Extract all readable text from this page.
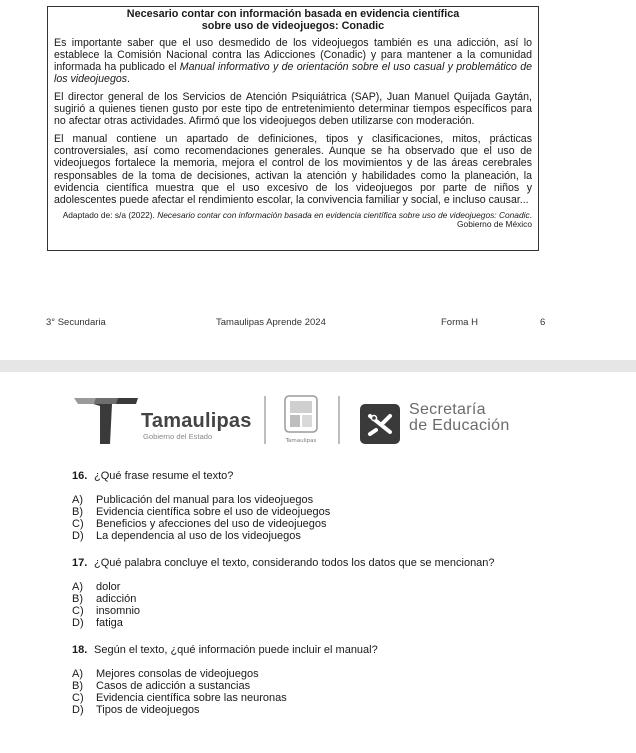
Necesario contar con información basada en evidencia científica
sobre uso de videojuegos: Conadic

Es importante saber que el uso desmedido de los videojuegos también es una adicción, así lo establece la Comisión Nacional contra las Adicciones (Conadic) y para mantener a la comunidad informada ha publicado el Manual informativo y de orientación sobre el uso casual y problemático de los videojuegos.

El director general de los Servicios de Atención Psiquiátrica (SAP), Juan Manuel Quijada Gaytán, sugirió a quienes tienen gusto por este tipo de entretenimiento determinar tiempos específicos para no afectar otras actividades. Afirmó que los videojuegos deben utilizarse con moderación.

El manual contiene un apartado de definiciones, tipos y clasificaciones, mitos, prácticas controversiales, así como recomendaciones generales. Aunque se ha observado que el uso de videojuegos fortalece la memoria, mejora el control de los movimientos y de las áreas cerebrales responsables de la toma de decisiones, activan la atención y habilidades como la planeación, la evidencia científica muestra que el uso excesivo de los videojuegos por parte de niños y adolescentes puede afectar el rendimiento escolar, la convivencia familiar y social, e incluso causar...

Adaptado de: s/a (2022). Necesario contar con información basada en evidencia científica sobre uso de videojuegos: Conadic. Gobierno de México
3° Secundaria	Tamaulipas Aprende 2024	Forma H	6
Tamaulipas
Gobierno del Estado	Tamaulipas
Secretaría
de Educación

16. ¿Qué frase resume el texto?

A) Publicación del manual para los videojuegos

B) Evidencia científica sobre el uso de videojuegos

C) Beneficios y afecciones del uso de videojuegos

D) La dependencia al uso de los videojuegos

17. ¿Qué palabra concluye el texto, considerando todos los datos que se mencionan?

A) dolor

B) adicción

C) insomnio

D) fatiga

18. Según el texto, ¿qué información puede incluir el manual?

A) Mejores consolas de videojuegos

B) Casos de adicción a sustancias

C) Evidencia científica sobre las neuronas

D) Tipos de videojuegos
